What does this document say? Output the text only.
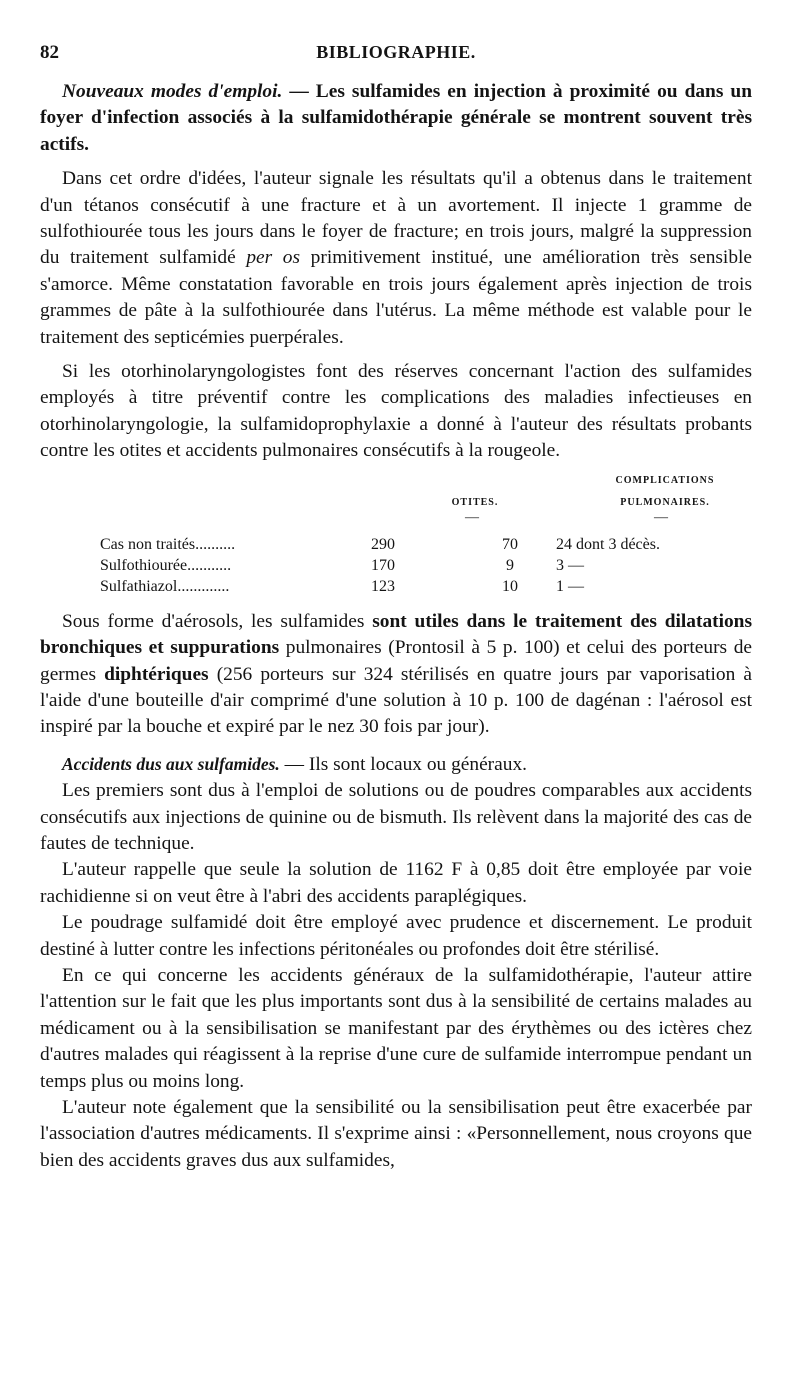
82	BIBLIOGRAPHIE.

Nouveaux modes d'emploi. — Les sulfamides en injection à proximité ou dans un foyer d'infection associés à la sulfamidothérapie générale se montrent souvent très actifs.

Dans cet ordre d'idées, l'auteur signale les résultats qu'il a obtenus dans le traitement d'un tétanos consécutif à une fracture et à un avortement. Il injecte 1 gramme de sulfothiourée tous les jours dans le foyer de fracture; en trois jours, malgré la suppression du traitement sulfamidé per os primitivement institué, une amélioration très sensible s'amorce. Même constatation favorable en trois jours également après injection de trois grammes de pâte à la sulfothiourée dans l'utérus. La même méthode est valable pour le traitement des septicémies puerpérales.

Si les otorhinolaryngologistes font des réserves concernant l'action des sulfamides employés à titre préventif contre les complications des maladies infectieuses en otorhinolaryngologie, la sulfamidoprophylaxie a donné à l'auteur des résultats probants contre les otites et accidents pulmonaires consécutifs à la rougeole.

COMPLICATIONS
OTITES.	PULMONAIRES.
—	—
Cas non traités..........	290	70	24 dont 3 décès.
Sulfothiourée...........	170	9	3 —
Sulfathiazol.............	123	10	1 —

Sous forme d'aérosols, les sulfamides sont utiles dans le traitement des dilatations bronchiques et suppurations pulmonaires (Prontosil à 5 p. 100) et celui des porteurs de germes diphtériques (256 porteurs sur 324 stérilisés en quatre jours par vaporisation à l'aide d'une bouteille d'air comprimé d'une solution à 10 p. 100 de dagénan : l'aérosol est inspiré par la bouche et expiré par le nez 30 fois par jour).

Accidents dus aux sulfamides. — Ils sont locaux ou généraux.

Les premiers sont dus à l'emploi de solutions ou de poudres comparables aux accidents consécutifs aux injections de quinine ou de bismuth. Ils relèvent dans la majorité des cas de fautes de technique.

L'auteur rappelle que seule la solution de 1162 F à 0,85 doit être employée par voie rachidienne si on veut être à l'abri des accidents paraplégiques.

Le poudrage sulfamidé doit être employé avec prudence et discernement. Le produit destiné à lutter contre les infections péritonéales ou profondes doit être stérilisé.

En ce qui concerne les accidents généraux de la sulfamidothérapie, l'auteur attire l'attention sur le fait que les plus importants sont dus à la sensibilité de certains malades au médicament ou à la sensibilisation se manifestant par des érythèmes ou des ictères chez d'autres malades qui réagissent à la reprise d'une cure de sulfamide interrompue pendant un temps plus ou moins long.

L'auteur note également que la sensibilité ou la sensibilisation peut être exacerbée par l'association d'autres médicaments. Il s'exprime ainsi : «Personnellement, nous croyons que bien des accidents graves dus aux sulfamides,
